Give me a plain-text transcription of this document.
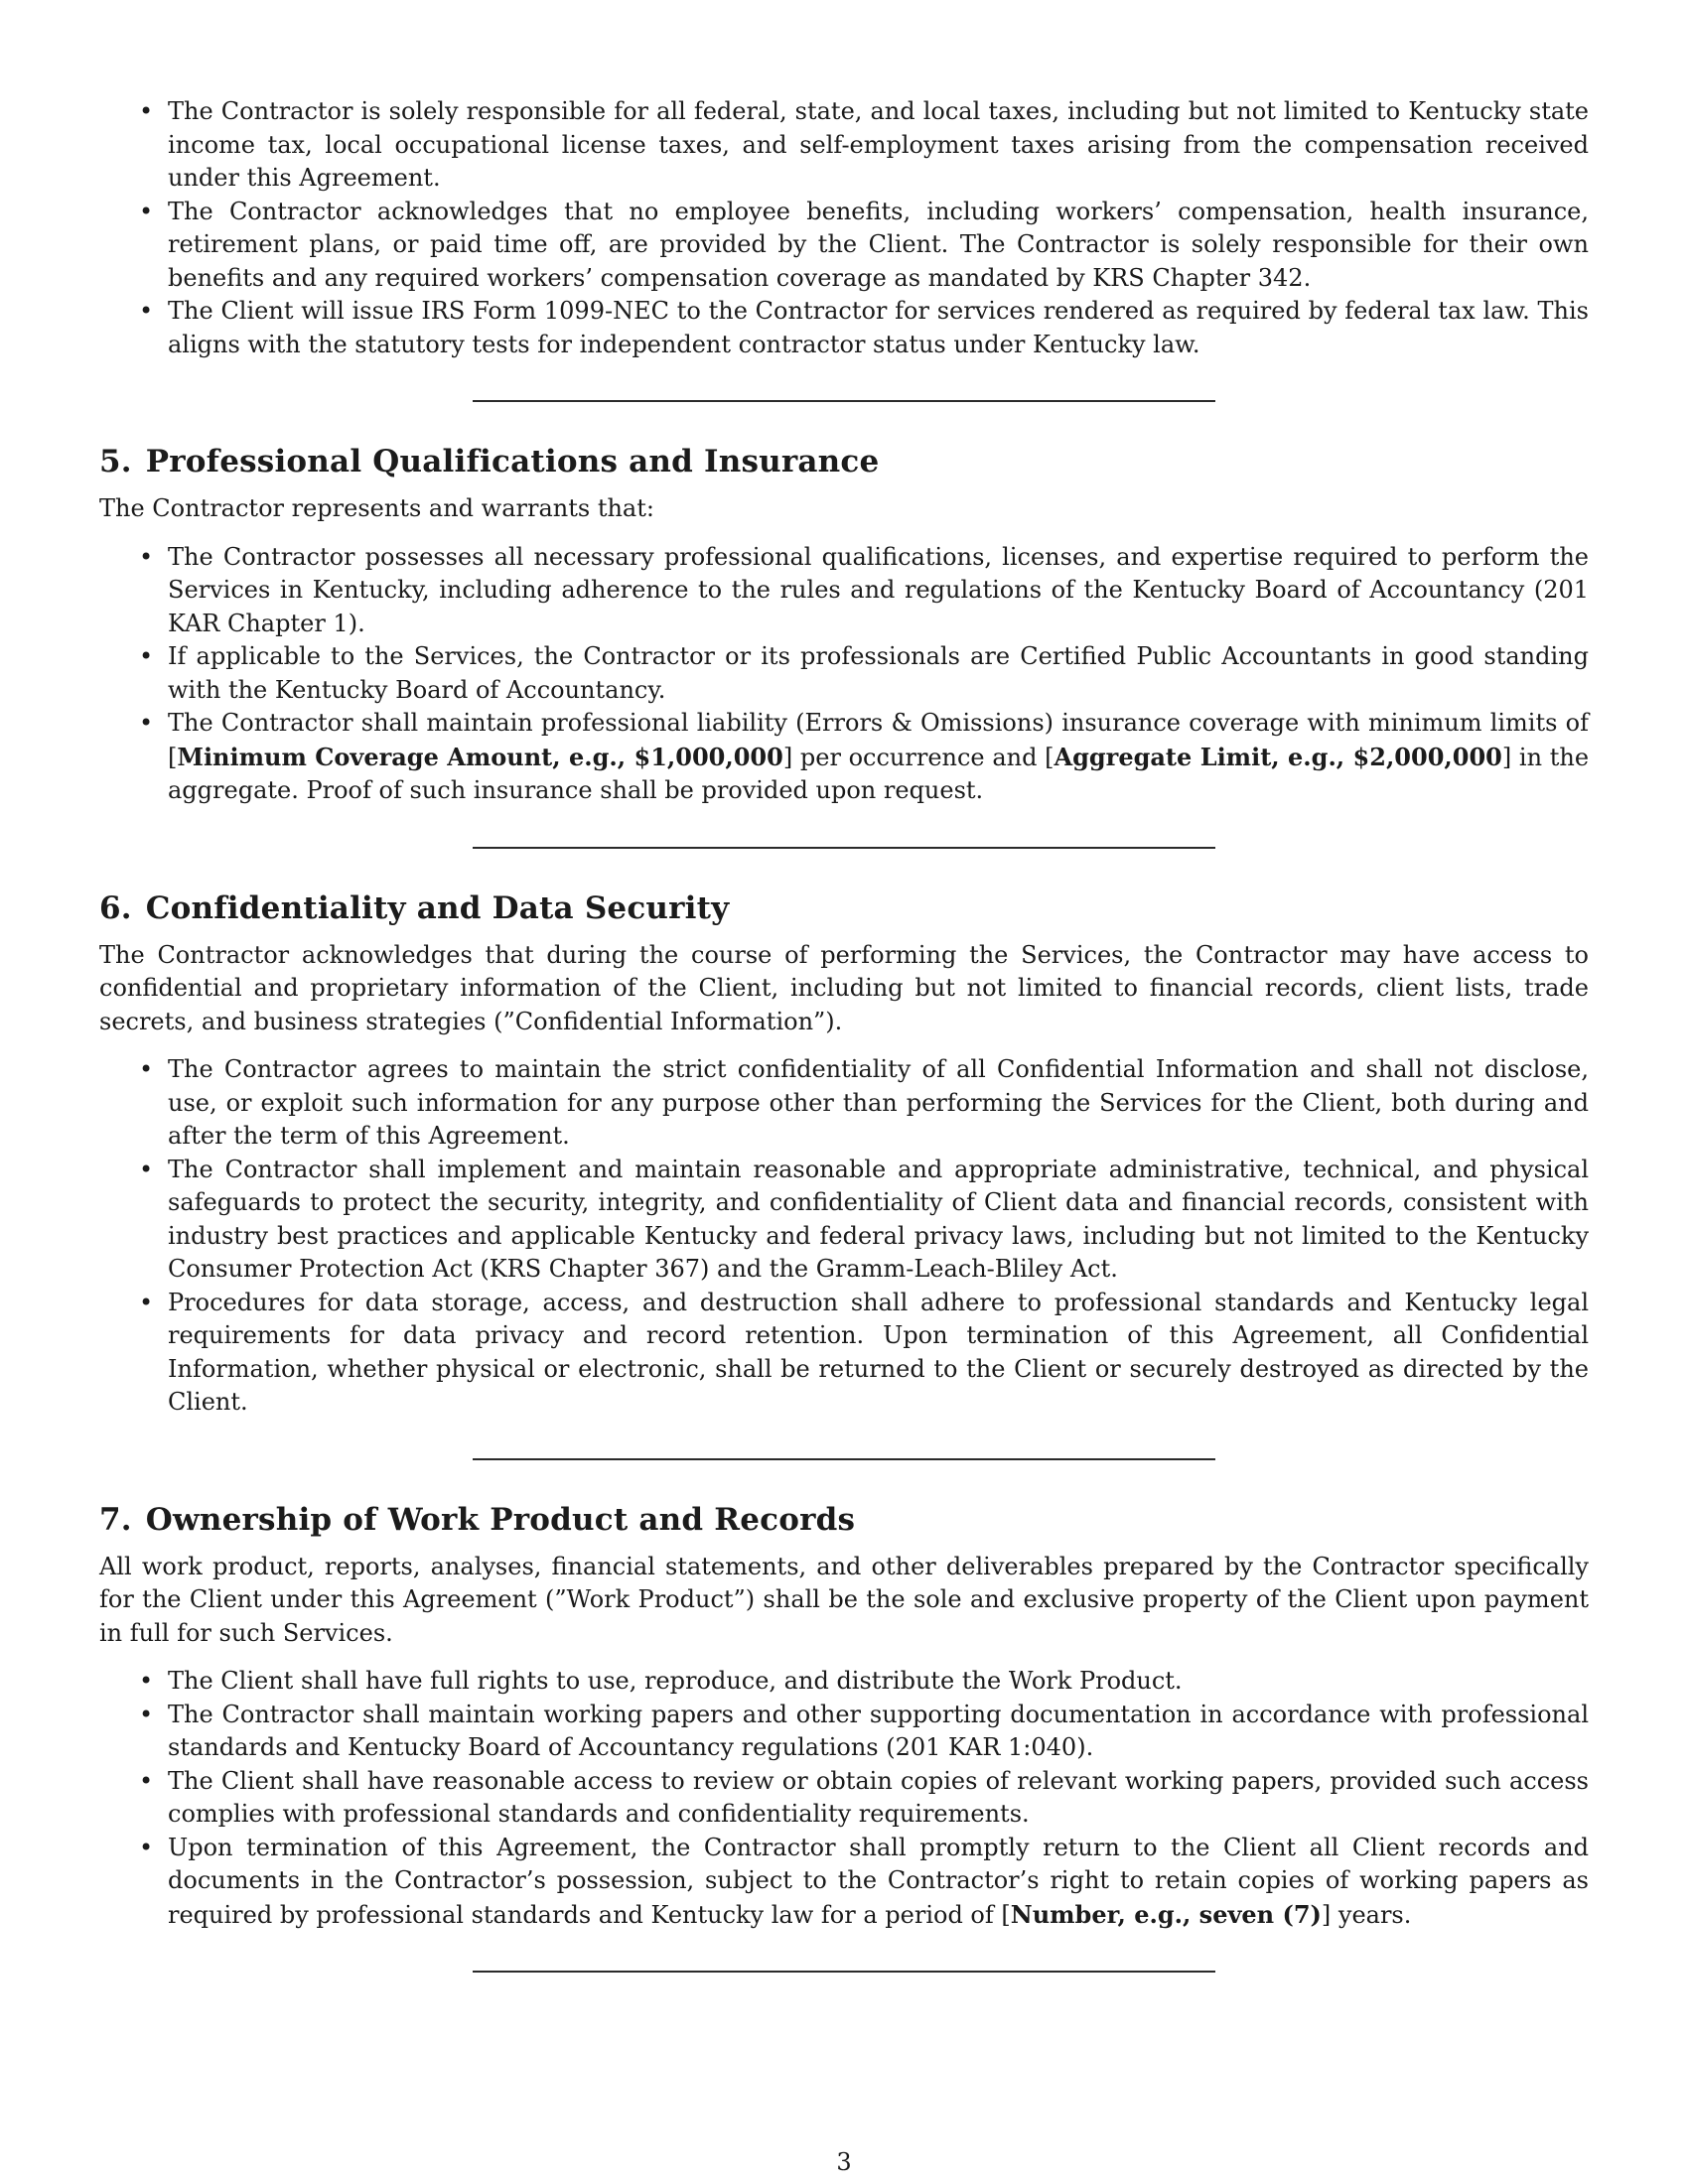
• The Contractor is solely responsible for all federal, state, and local taxes, including but not limited to Kentucky state income tax, local occupational license taxes, and self-employment taxes arising from the compensation received under this Agreement.
• The Contractor acknowledges that no employee benefits, including workers’ compensation, health insurance, retirement plans, or paid time off, are provided by the Client. The Contractor is solely responsible for their own benefits and any required workers’ compensation coverage as mandated by KRS Chapter 342.
• The Client will issue IRS Form 1099-NEC to the Contractor for services rendered as required by federal tax law. This aligns with the statutory tests for independent contractor status under Kentucky law.
5. Professional Qualifications and Insurance

The Contractor represents and warrants that:

• The Contractor possesses all necessary professional qualifications, licenses, and expertise required to perform the Services in Kentucky, including adherence to the rules and regulations of the Kentucky Board of Accountancy (201 KAR Chapter 1).
• If applicable to the Services, the Contractor or its professionals are Certified Public Accountants in good standing with the Kentucky Board of Accountancy.
• The Contractor shall maintain professional liability (Errors & Omissions) insurance coverage with minimum limits of [Minimum Coverage Amount, e.g., $1,000,000] per occurrence and [Aggregate Limit, e.g., $2,000,000] in the aggregate. Proof of such insurance shall be provided upon request.
6. Confidentiality and Data Security

The Contractor acknowledges that during the course of performing the Services, the Contractor may have access to confidential and proprietary information of the Client, including but not limited to financial records, client lists, trade secrets, and business strategies (”Confidential Information”).

• The Contractor agrees to maintain the strict confidentiality of all Confidential Information and shall not disclose, use, or exploit such information for any purpose other than performing the Services for the Client, both during and after the term of this Agreement.
• The Contractor shall implement and maintain reasonable and appropriate administrative, technical, and physical safeguards to protect the security, integrity, and confidentiality of Client data and financial records, consistent with industry best practices and applicable Kentucky and federal privacy laws, including but not limited to the Kentucky Consumer Protection Act (KRS Chapter 367) and the Gramm-Leach-Bliley Act.
• Procedures for data storage, access, and destruction shall adhere to professional standards and Kentucky legal requirements for data privacy and record retention. Upon termination of this Agreement, all Confidential Information, whether physical or electronic, shall be returned to the Client or securely destroyed as directed by the Client.
7. Ownership of Work Product and Records

All work product, reports, analyses, financial statements, and other deliverables prepared by the Contractor specifically for the Client under this Agreement (”Work Product”) shall be the sole and exclusive property of the Client upon payment in full for such Services.

• The Client shall have full rights to use, reproduce, and distribute the Work Product.
• The Contractor shall maintain working papers and other supporting documentation in accordance with professional standards and Kentucky Board of Accountancy regulations (201 KAR 1:040).
• The Client shall have reasonable access to review or obtain copies of relevant working papers, provided such access complies with professional standards and confidentiality requirements.
• Upon termination of this Agreement, the Contractor shall promptly return to the Client all Client records and documents in the Contractor’s possession, subject to the Contractor’s right to retain copies of working papers as required by professional standards and Kentucky law for a period of [Number, e.g., seven (7)] years.
3
